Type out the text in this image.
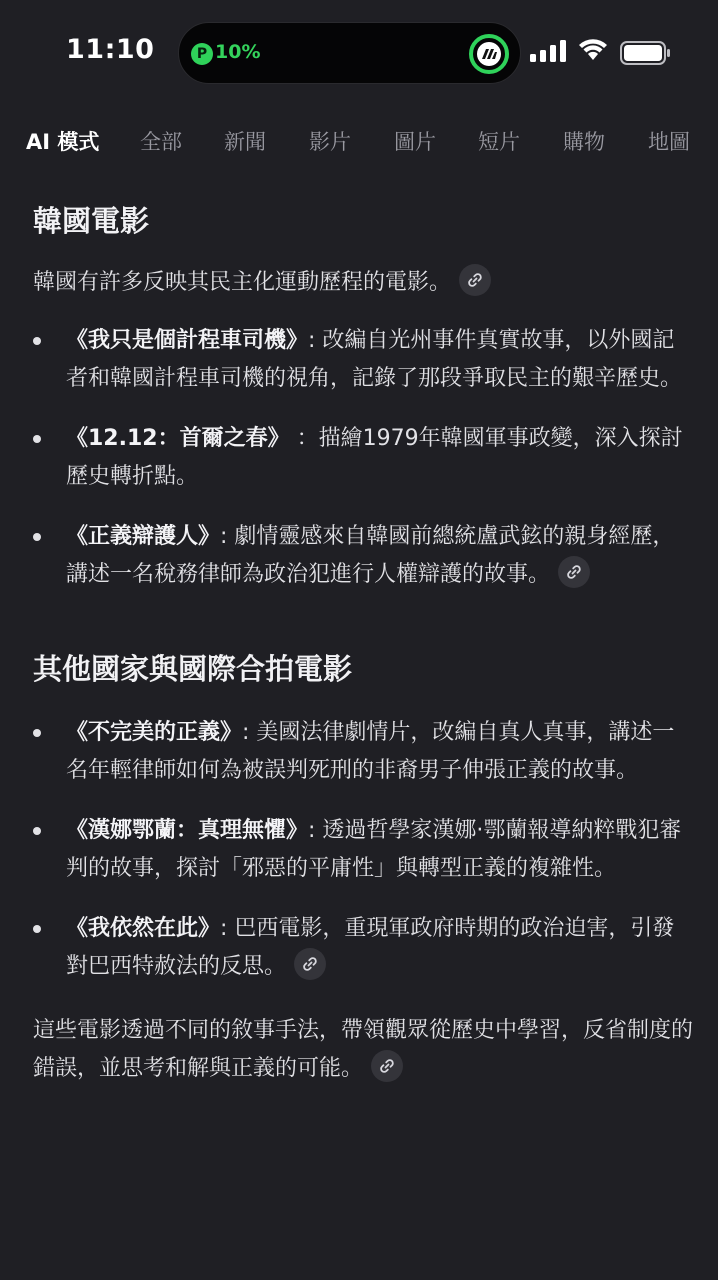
11:10	P 10%
AI 模式 全部 新聞 影片 圖片 短片 購物 地圖
韓國電影

韓國有許多反映其民主化運動歷程的電影。

《我只是個計程車司機》: 改編自光州事件真實故事，以外國記者和韓國計程車司機的視角，記錄了那段爭取民主的艱辛歷史。
《12.12：首爾之春》 ：描繪1979年韓國軍事政變，深入探討歷史轉折點。
《正義辯護人》: 劇情靈感來自韓國前總統盧武鉉的親身經歷，講述一名稅務律師為政治犯進行人權辯護的故事。
其他國家與國際合拍電影
《不完美的正義》: 美國法律劇情片，改編自真人真事，講述一名年輕律師如何為被誤判死刑的非裔男子伸張正義的故事。
《漢娜鄂蘭：真理無懼》: 透過哲學家漢娜·鄂蘭報導納粹戰犯審判的故事，探討「邪惡的平庸性」與轉型正義的複雜性。
《我依然在此》: 巴西電影，重現軍政府時期的政治迫害，引發對巴西特赦法的反思。

這些電影透過不同的敘事手法，帶領觀眾從歷史中學習，反省制度的錯誤，並思考和解與正義的可能。
